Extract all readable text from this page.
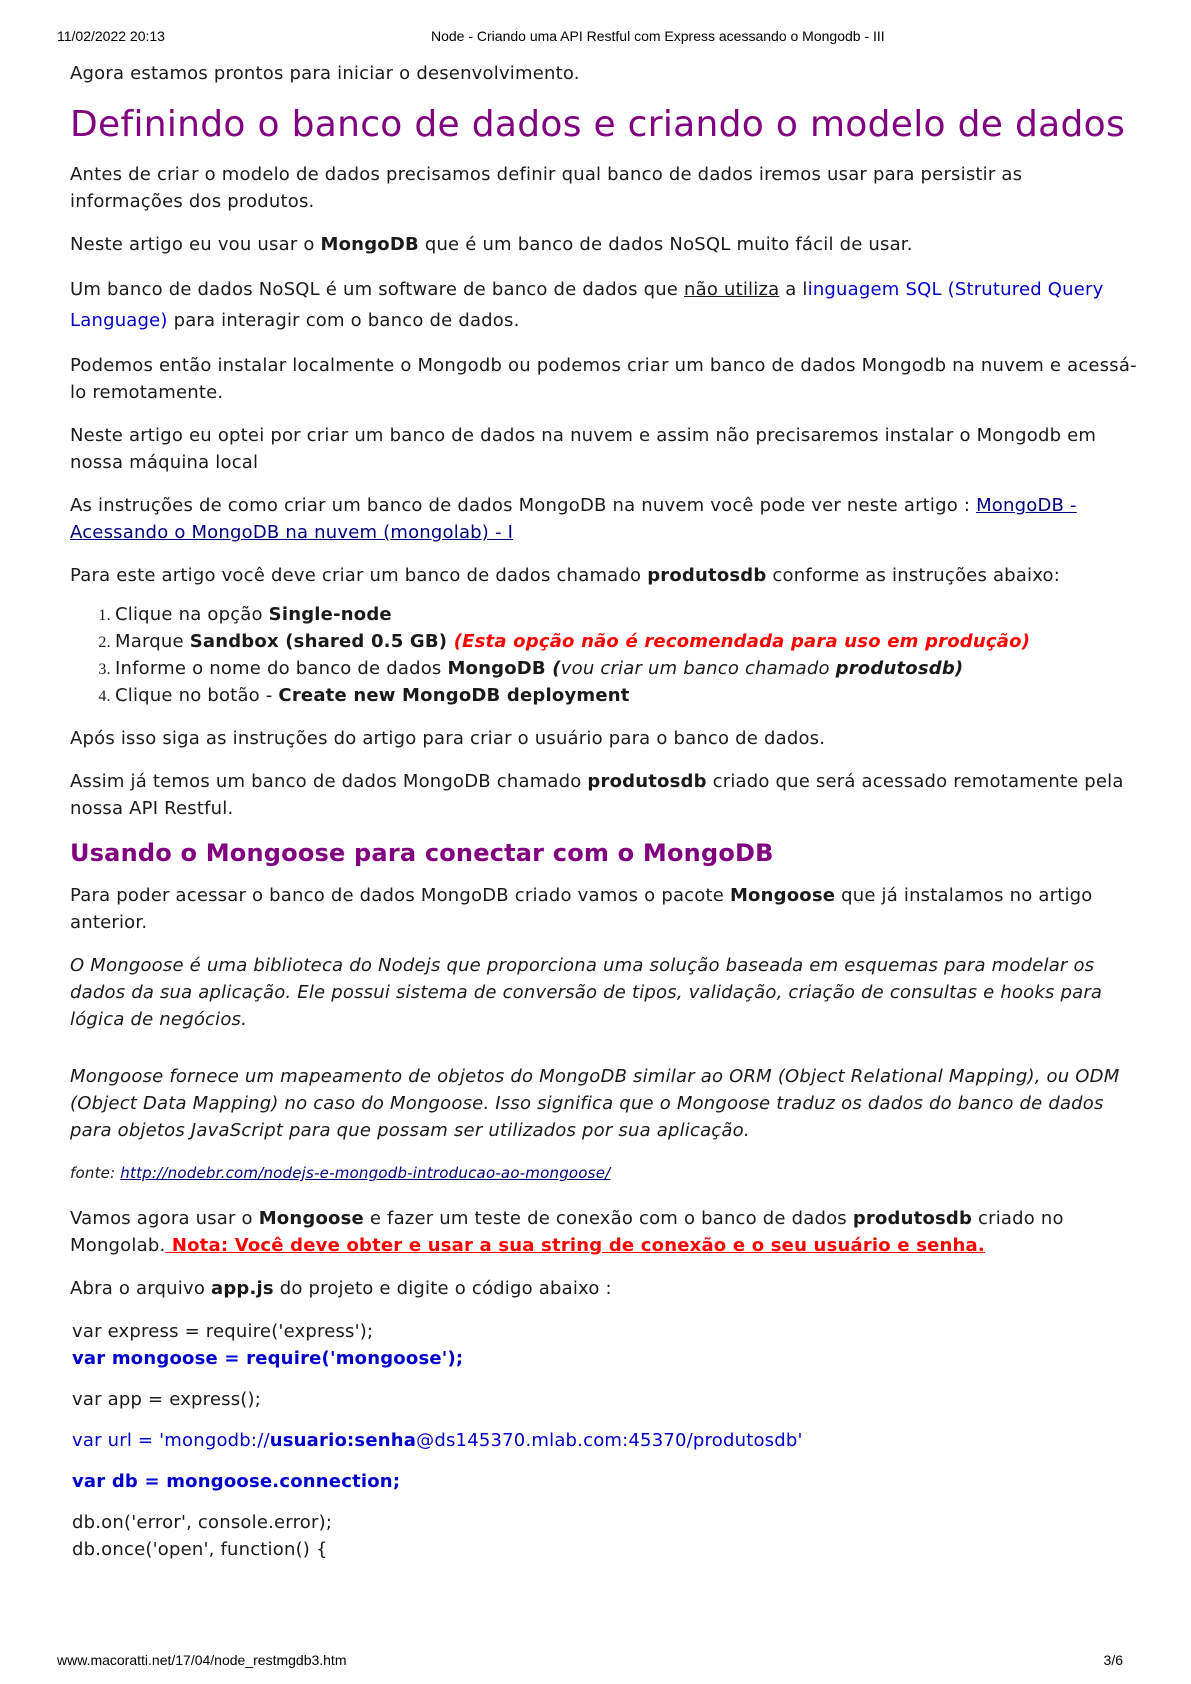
11/02/2022 20:13	Node - Criando uma API Restful com Express acessando o Mongodb - III

Agora estamos prontos para iniciar o desenvolvimento.

Definindo o banco de dados e criando o modelo de dados

Antes de criar o modelo de dados precisamos definir qual banco de dados iremos usar para persistir as informações dos produtos.

Neste artigo eu vou usar o MongoDB que é um banco de dados NoSQL muito fácil de usar.

Um banco de dados NoSQL é um software de banco de dados que não utiliza a linguagem SQL (Strutured Query Language) para interagir com o banco de dados.

Podemos então instalar localmente o Mongodb ou podemos criar um banco de dados Mongodb na nuvem e acessá-lo remotamente.

Neste artigo eu optei por criar um banco de dados na nuvem e assim não precisaremos instalar o Mongodb em nossa máquina local

As instruções de como criar um banco de dados MongoDB na nuvem você pode ver neste artigo : MongoDB - Acessando o MongoDB na nuvem (mongolab) - I

Para este artigo você deve criar um banco de dados chamado produtosdb conforme as instruções abaixo:

1. Clique na opção Single-node
2. Marque Sandbox (shared 0.5 GB) (Esta opção não é recomendada para uso em produção)
3. Informe o nome do banco de dados MongoDB (vou criar um banco chamado produtosdb)
4. Clique no botão - Create new MongoDB deployment

Após isso siga as instruções do artigo para criar o usuário para o banco de dados.

Assim já temos um banco de dados MongoDB chamado produtosdb criado que será acessado remotamente pela nossa API Restful.

Usando o Mongoose para conectar com o MongoDB

Para poder acessar o banco de dados MongoDB criado vamos o pacote Mongoose que já instalamos no artigo anterior.

O Mongoose é uma biblioteca do Nodejs que proporciona uma solução baseada em esquemas para modelar os dados da sua aplicação. Ele possui sistema de conversão de tipos, validação, criação de consultas e hooks para lógica de negócios.

Mongoose fornece um mapeamento de objetos do MongoDB similar ao ORM (Object Relational Mapping), ou ODM (Object Data Mapping) no caso do Mongoose. Isso significa que o Mongoose traduz os dados do banco de dados para objetos JavaScript para que possam ser utilizados por sua aplicação.

fonte: http://nodebr.com/nodejs-e-mongodb-introducao-ao-mongoose/

Vamos agora usar o Mongoose e fazer um teste de conexão com o banco de dados produtosdb criado no Mongolab. Nota: Você deve obter e usar a sua string de conexão e o seu usuário e senha.

Abra o arquivo app.js do projeto e digite o código abaixo :

var express = require('express');

var mongoose = require('mongoose');

var app = express();

var url = 'mongodb://usuario:senha@ds145370.mlab.com:45370/produtosdb'

var db = mongoose.connection;

db.on('error', console.error);

db.once('open', function() {

www.macoratti.net/17/04/node_restmgdb3.htm	3/6
